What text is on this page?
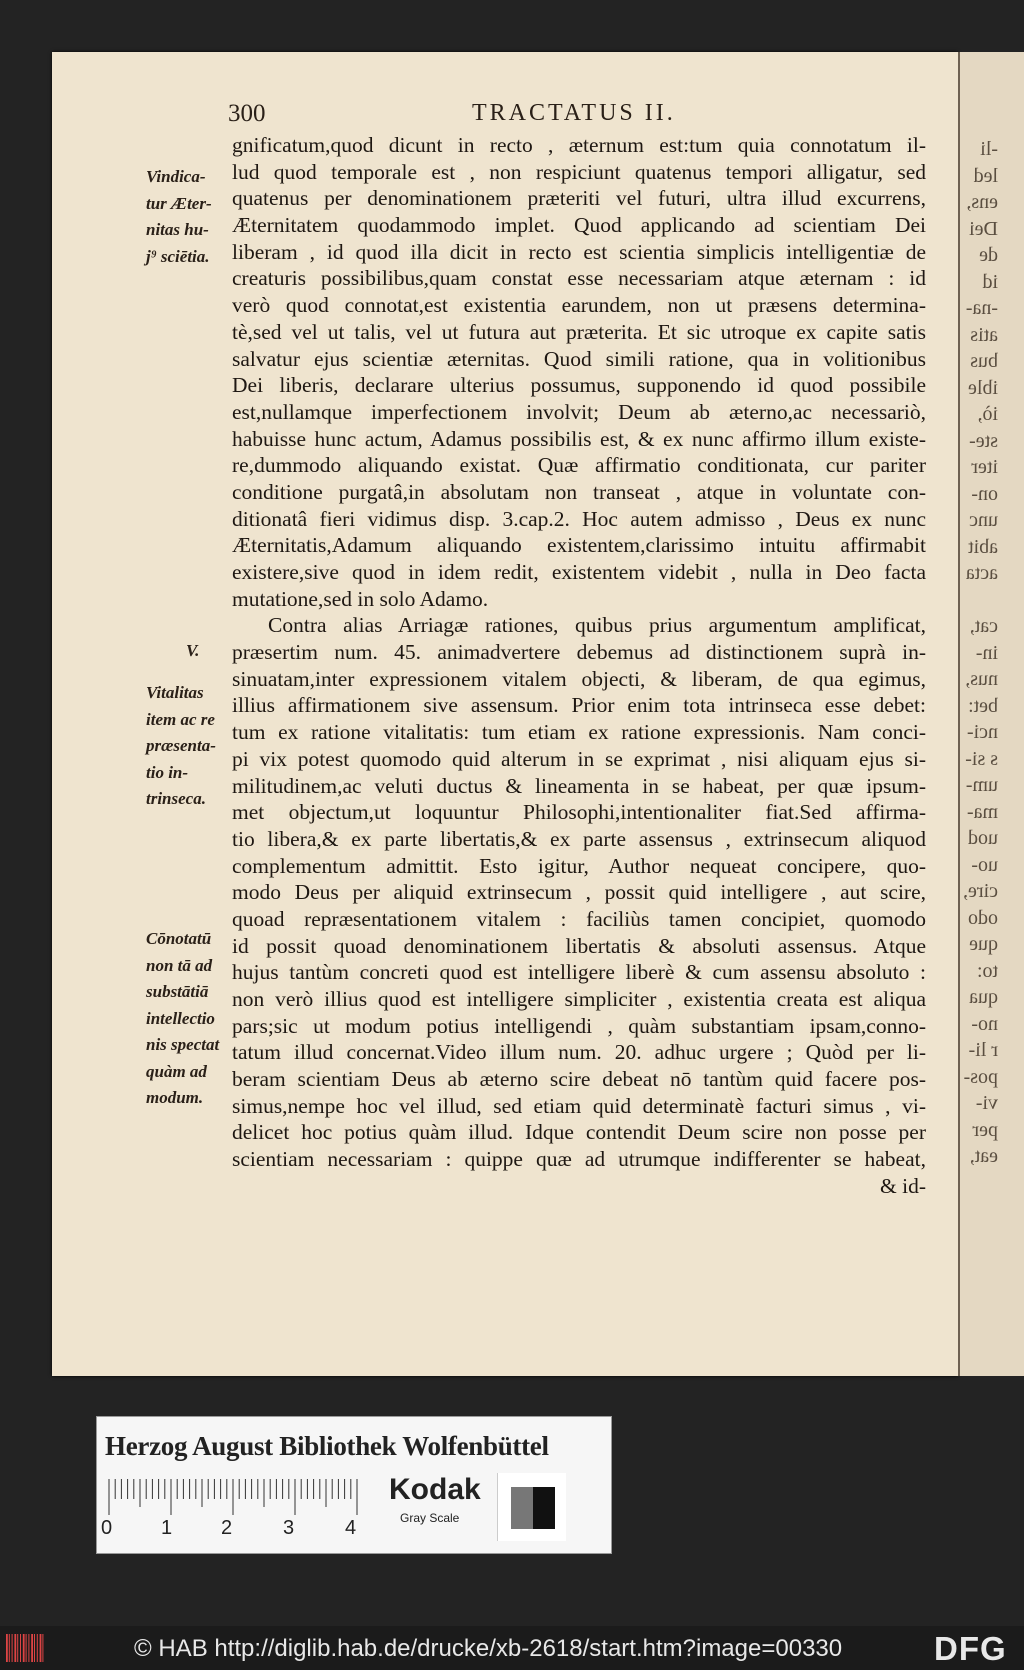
-li
led
ens,
Dei
de
id
-na-
atis
bus
ible
iò,
ste-
iter
on-
unc
abit
acta

cat,
in-
nus,
bet:
nci-
s si-
um-
ma-
uod
uo-
cire,
odo
que
to:
qua
no-
r li-
pos-
vi-
per
eat,
300	TRACTATUS II.
gnificatum,quod dicunt in recto , æternum est:tum quia connotatum il-
lud quod temporale est , non respiciunt quatenus tempori alligatur, sed
quatenus per denominationem præteriti vel futuri, ultra illud excurrens,
Æternitatem quodammodo implet. Quod applicando ad scientiam Dei
liberam , id quod illa dicit in recto est scientia simplicis intelligentiæ de
creaturis possibilibus,quam constat esse necessariam atque æternam : id
verò quod connotat,est existentia earundem, non ut præsens determina-
tè,sed vel ut talis, vel ut futura aut præterita. Et sic utroque ex capite satis
salvatur ejus scientiæ æternitas. Quod simili ratione, qua in volitionibus
Dei liberis, declarare ulterius possumus, supponendo id quod possibile
est,nullamque imperfectionem involvit; Deum ab æterno,ac necessariò,
habuisse hunc actum, Adamus possibilis est, & ex nunc affirmo illum existe-
re,dummodo aliquando existat. Quæ affirmatio conditionata, cur pariter
conditione purgatâ,in absolutam non transeat , atque in voluntate con-
ditionatâ fieri vidimus disp. 3.cap.2. Hoc autem admisso , Deus ex nunc
Æternitatis,Adamum aliquando existentem,clarissimo intuitu affirmabit
existere,sive quod in idem redit, existentem videbit , nulla in Deo facta
mutatione,sed in solo Adamo.
Contra alias Arriagæ rationes, quibus prius argumentum amplificat,
præsertim num. 45. animadvertere debemus ad distinctionem suprà in-
sinuatam,inter expressionem vitalem objecti, & liberam, de qua egimus,
illius affirmationem sive assensum. Prior enim tota intrinseca esse debet:
tum ex ratione vitalitatis: tum etiam ex ratione expressionis. Nam conci-
pi vix potest quomodo quid alterum in se exprimat , nisi aliquam ejus si-
militudinem,ac veluti ductus & lineamenta in se habeat, per quæ ipsum-
met objectum,ut loquuntur Philosophi,intentionaliter fiat.Sed affirma-
tio libera,& ex parte libertatis,& ex parte assensus , extrinsecum aliquod
complementum admittit. Esto igitur, Author nequeat concipere, quo-
modo Deus per aliquid extrinsecum , possit quid intelligere , aut scire,
quoad repræsentationem vitalem : faciliùs tamen concipiet, quomodo
id possit quoad denominationem libertatis & absoluti assensus. Atque
hujus tantùm concreti quod est intelligere liberè & cum assensu absoluto :
non verò illius quod est intelligere simpliciter , existentia creata est aliqua
pars;sic ut modum potius intelligendi , quàm substantiam ipsam,conno-
tatum illud concernat.Video illum num. 20. adhuc urgere ; Quòd per li-
beram scientiam Deus ab æterno scire debeat nō tantùm quid facere pos-
simus,nempe hoc vel illud, sed etiam quid determinatè facturi simus , vi-
delicet hoc potius quàm illud. Idque contendit Deum scire non posse per
scientiam necessariam : quippe quæ ad utrumque indifferenter se habeat,
& id-
Vindica-
tur Æter-
nitas hu-
j⁹ sciētia.
V.
Vitalitas
item ac re
præsenta-
tio in-
trinseca.
Cōnotatū
non tā ad
substātiā
intellectio
nis spectat
quàm ad
modum.
Herzog August Bibliothek Wolfenbüttel
0 1 2	3	4
Kodak
Gray Scale
© HAB http://diglib.hab.de/drucke/xb-2618/start.htm?image=00330	DFG
